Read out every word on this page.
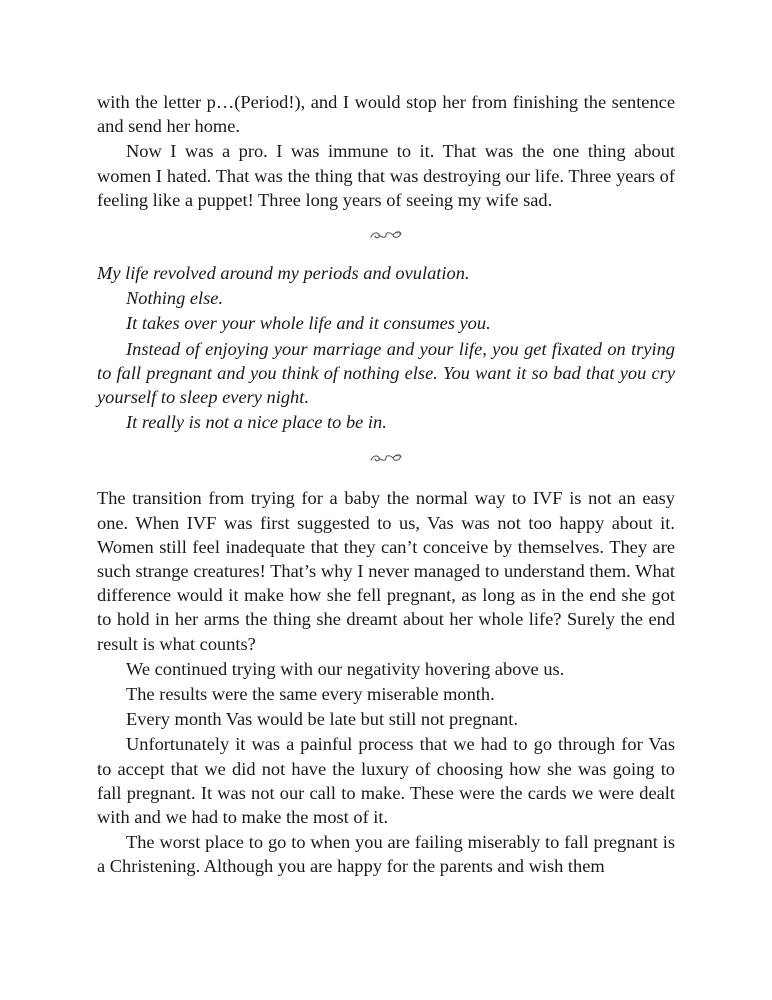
with the letter p…(Period!), and I would stop her from finishing the sentence and send her home.

Now I was a pro. I was immune to it. That was the one thing about women I hated. That was the thing that was destroying our life. Three years of feeling like a puppet! Three long years of seeing my wife sad.

My life revolved around my periods and ovulation.

Nothing else.

It takes over your whole life and it consumes you.

Instead of enjoying your marriage and your life, you get fixated on trying to fall pregnant and you think of nothing else. You want it so bad that you cry yourself to sleep every night.

It really is not a nice place to be in.

The transition from trying for a baby the normal way to IVF is not an easy one. When IVF was first suggested to us, Vas was not too happy about it. Women still feel inadequate that they can’t conceive by themselves. They are such strange creatures! That’s why I never managed to understand them. What difference would it make how she fell pregnant, as long as in the end she got to hold in her arms the thing she dreamt about her whole life? Surely the end result is what counts?

We continued trying with our negativity hovering above us.

The results were the same every miserable month.

Every month Vas would be late but still not pregnant.

Unfortunately it was a painful process that we had to go through for Vas to accept that we did not have the luxury of choosing how she was going to fall pregnant. It was not our call to make. These were the cards we were dealt with and we had to make the most of it.

The worst place to go to when you are failing miserably to fall pregnant is a Christening. Although you are happy for the parents and wish them
